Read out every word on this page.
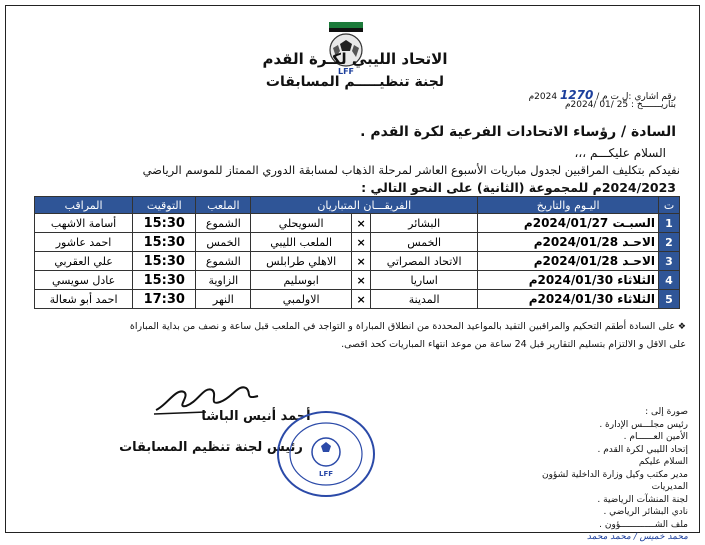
LFF
الاتحاد الليبي لكـرة القدم
لجنة تنظيـــــم المسابقات
رقم اشاري :ل ت م / 1270 2024م
بتاريـــــــخ : 25 /01 /2024م
السادة / رؤساء الاتحادات الفرعية لكرة القدم .
السلام عليكـــم ،،،
نفيدكم بتكليف المراقبين لجدول مباريات الأسبوع العاشر لمرحلة الذهاب لمسابقة الدوري الممتاز للموسم الرياضي
2024/2023م للمجموعة (الثانية) على النحو التالي :
ت	اليـوم والتاريخ	الفريقـــان المتباريان			الملعب	التوقيت	المراقب
1	السبـت 2024/01/27م	البشائر	×	السويحلي	الشموع	15:30	أسامة الاشهب
2	الاحـد 2024/01/28م	الخمس	×	الملعب الليبي	الخمس	15:30	احمد عاشور
3	الاحـد 2024/01/28م	الاتحاد المصراتي	×	الاهلي طرابلس	الشموع	15:30	علي العقربي
4	الثلاثاء 2024/01/30م	اساريا	×	ابوسليم	الزاوية	15:30	عادل سويسي
5	الثلاثاء 2024/01/30م	المدينة	×	الاولمبي	النهر	17:30	احمد أبو شعالة
❖ على السادة أطقم التحكيم والمراقبين التقيد بالمواعيد المحددة من انطلاق المباراة و التواجد في الملعب قبل ساعة و نصف من بداية المباراة
على الاقل و الالتزام بتسليم التقارير قبل 24 ساعة من موعد انتهاء المباريات كحد اقصى.
أحمد أنيس الباشا
رئيس لجنة تنظيم المسابقات
LFF
صورة إلى :
رئيس مجلـــس الإدارة .
الأمين العــــــام .
إتحاد الليبي لكرة القدم .
السلام عليكم
مدير مكتب وكيل وزارة الداخلية لشؤون المديريات
لجنة المنشآت الرياضية .
نادي البشائر الرياضي .
ملف الشـــــــــــــؤون .
محمد خميس / محمد محمد
